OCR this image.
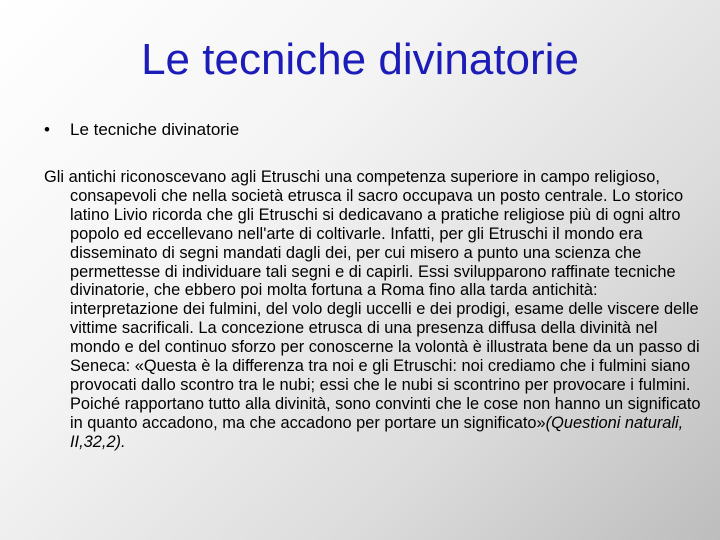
Le tecniche divinatorie
• Le tecniche divinatorie

Gli antichi riconoscevano agli Etruschi una competenza superiore in campo religioso, consapevoli che nella società etrusca il sacro occupava un posto centrale. Lo storico latino Livio ricorda che gli Etruschi si dedicavano a pratiche religiose più di ogni altro popolo ed eccellevano nell'arte di coltivarle. Infatti, per gli Etruschi il mondo era disseminato di segni mandati dagli dei, per cui misero a punto una scienza che permettesse di individuare tali segni e di capirli. Essi svilupparono raffinate tecniche divinatorie, che ebbero poi molta fortuna a Roma fino alla tarda antichità: interpretazione dei fulmini, del volo degli uccelli e dei prodigi, esame delle viscere delle vittime sacrificali. La concezione etrusca di una presenza diffusa della divinità nel mondo e del continuo sforzo per conoscerne la volontà è illustrata bene da un passo di Seneca: «Questa è la differenza tra noi e gli Etruschi: noi crediamo che i fulmini siano provocati dallo scontro tra le nubi; essi che le nubi si scontrino per provocare i fulmini. Poiché rapportano tutto alla divinità, sono convinti che le cose non hanno un significato in quanto accadono, ma che accadono per portare un significato»(Questioni naturali, II,32,2).
